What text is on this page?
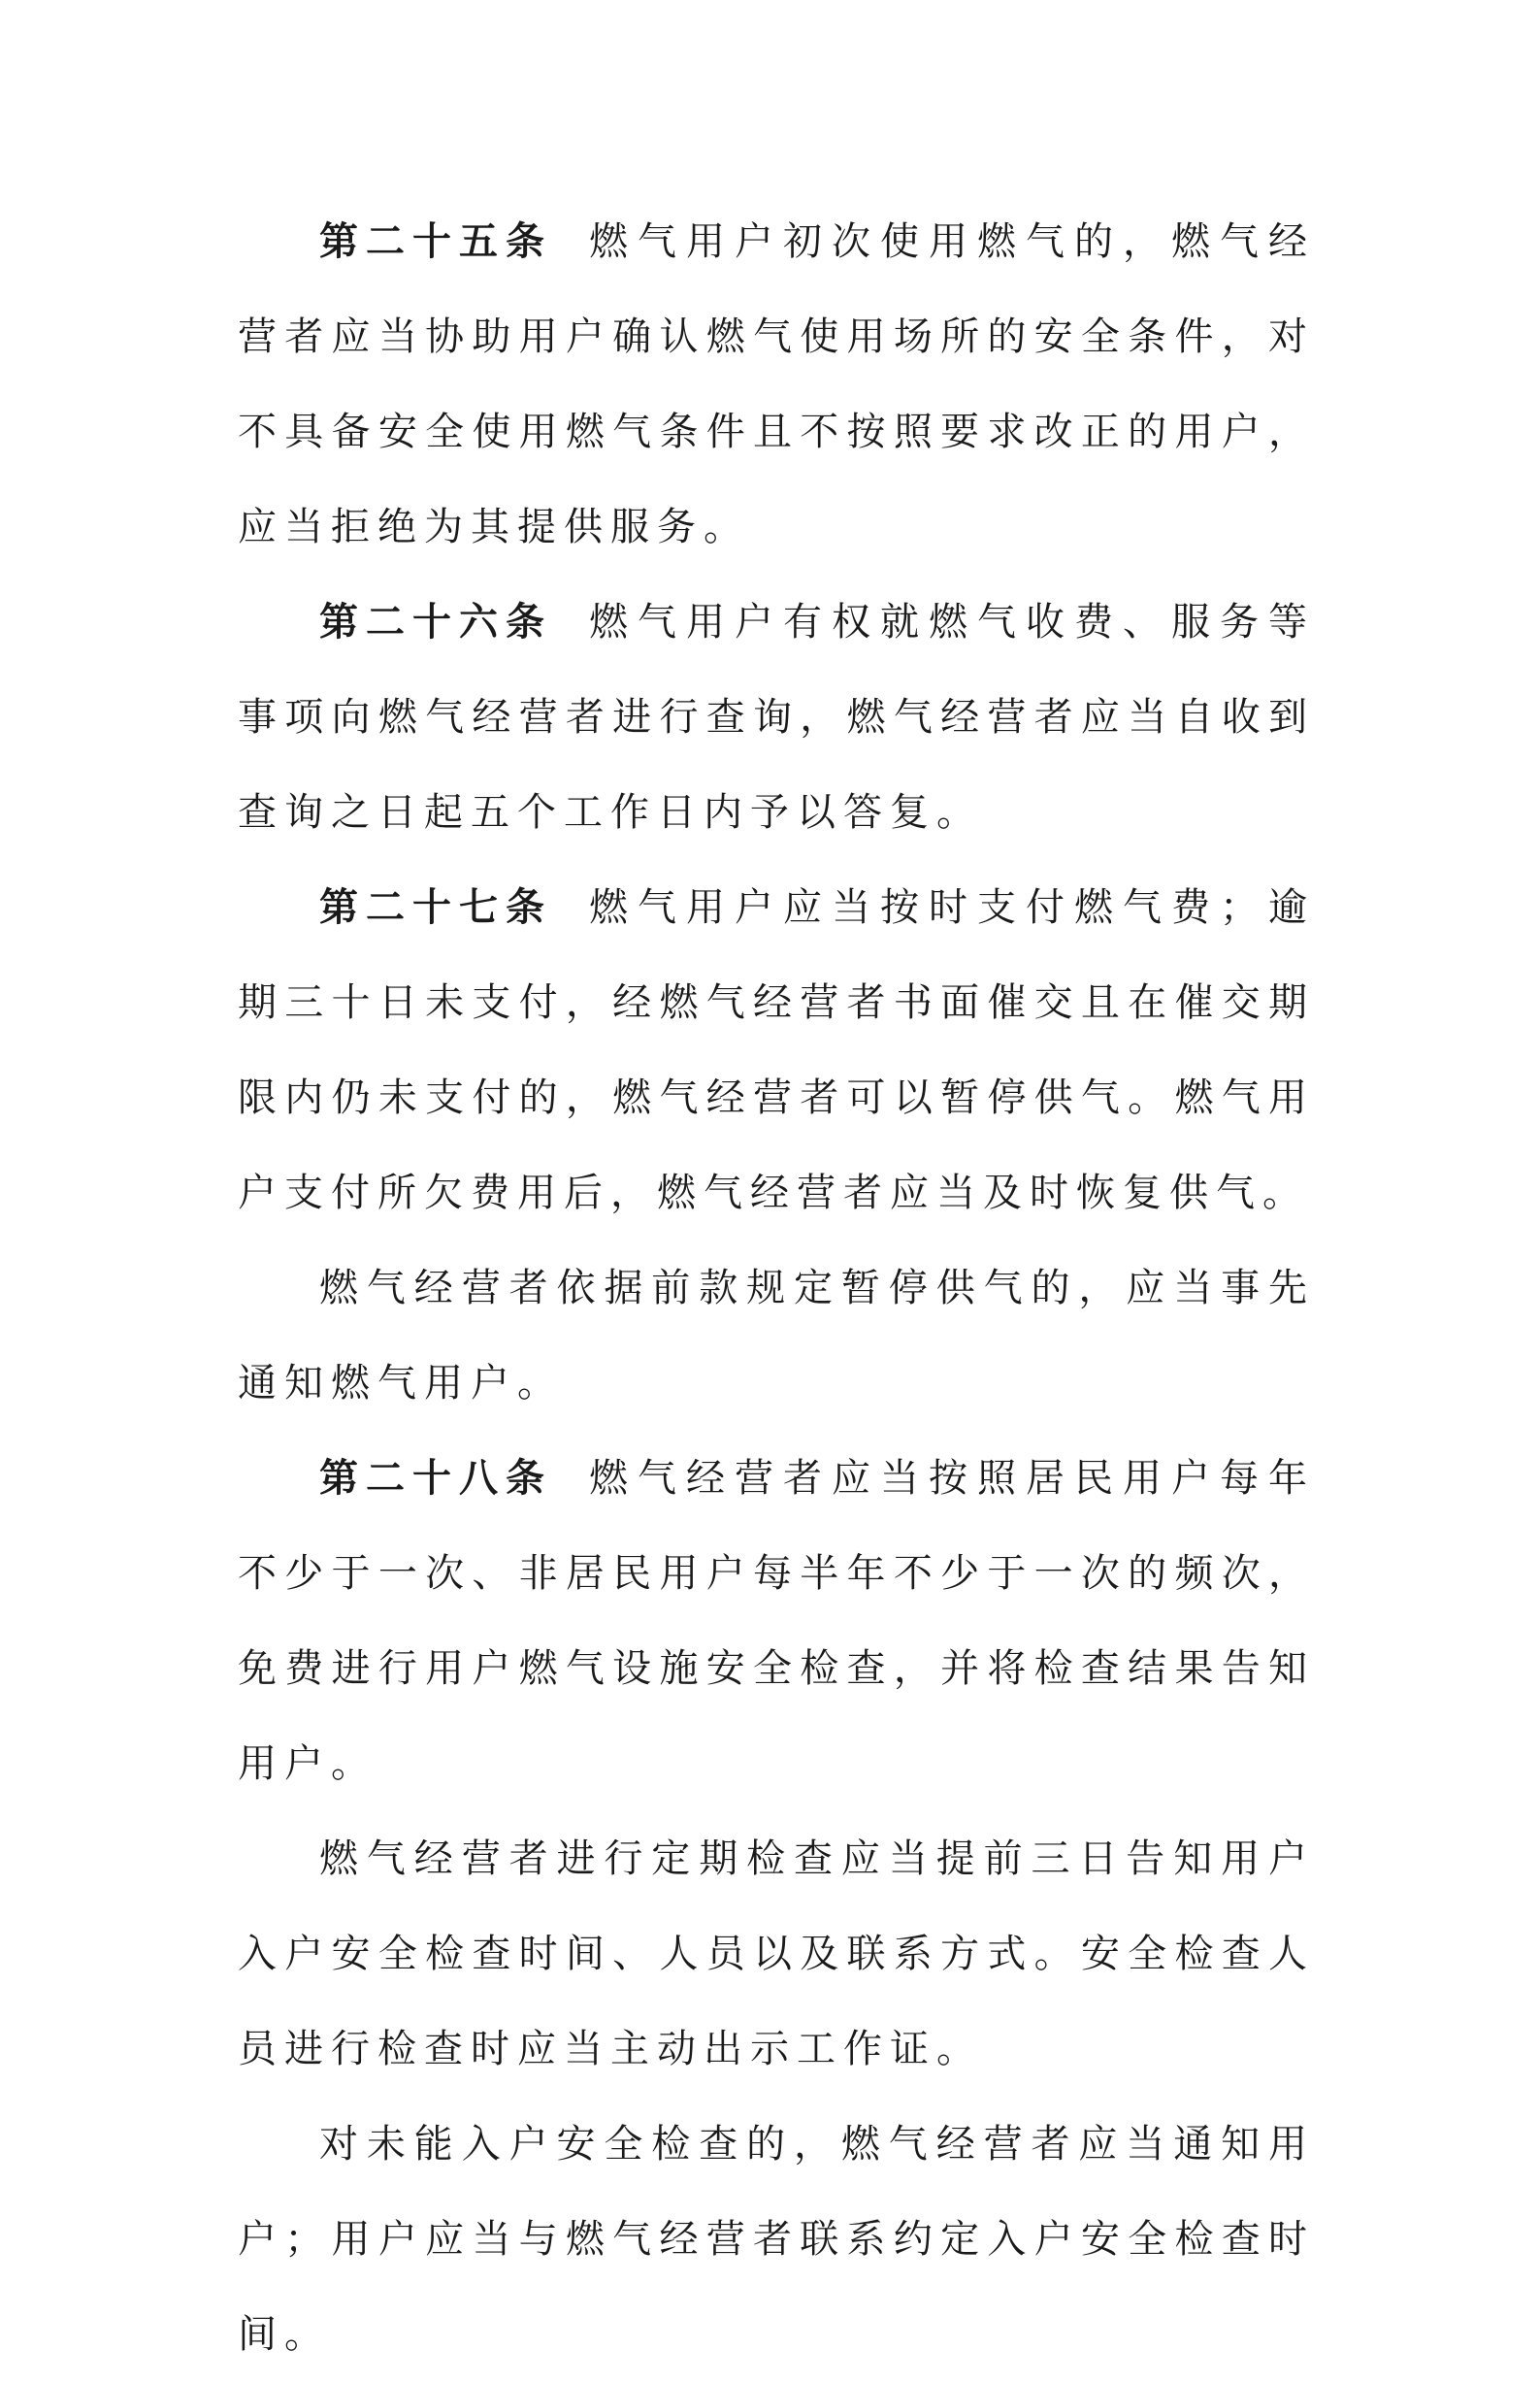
第二十五条 燃气用户初次使用燃气的，燃气经营者应当协助用户确认燃气使用场所的安全条件，对不具备安全使用燃气条件且不按照要求改正的用户，应当拒绝为其提供服务。

第二十六条 燃气用户有权就燃气收费、服务等事项向燃气经营者进行查询，燃气经营者应当自收到查询之日起五个工作日内予以答复。

第二十七条 燃气用户应当按时支付燃气费；逾期三十日未支付，经燃气经营者书面催交且在催交期限内仍未支付的，燃气经营者可以暂停供气。燃气用户支付所欠费用后，燃气经营者应当及时恢复供气。

燃气经营者依据前款规定暂停供气的，应当事先通知燃气用户。

第二十八条 燃气经营者应当按照居民用户每年不少于一次、非居民用户每半年不少于一次的频次，免费进行用户燃气设施安全检查，并将检查结果告知用户。

燃气经营者进行定期检查应当提前三日告知用户入户安全检查时间、人员以及联系方式。安全检查人员进行检查时应当主动出示工作证。

对未能入户安全检查的，燃气经营者应当通知用户；用户应当与燃气经营者联系约定入户安全检查时间。
